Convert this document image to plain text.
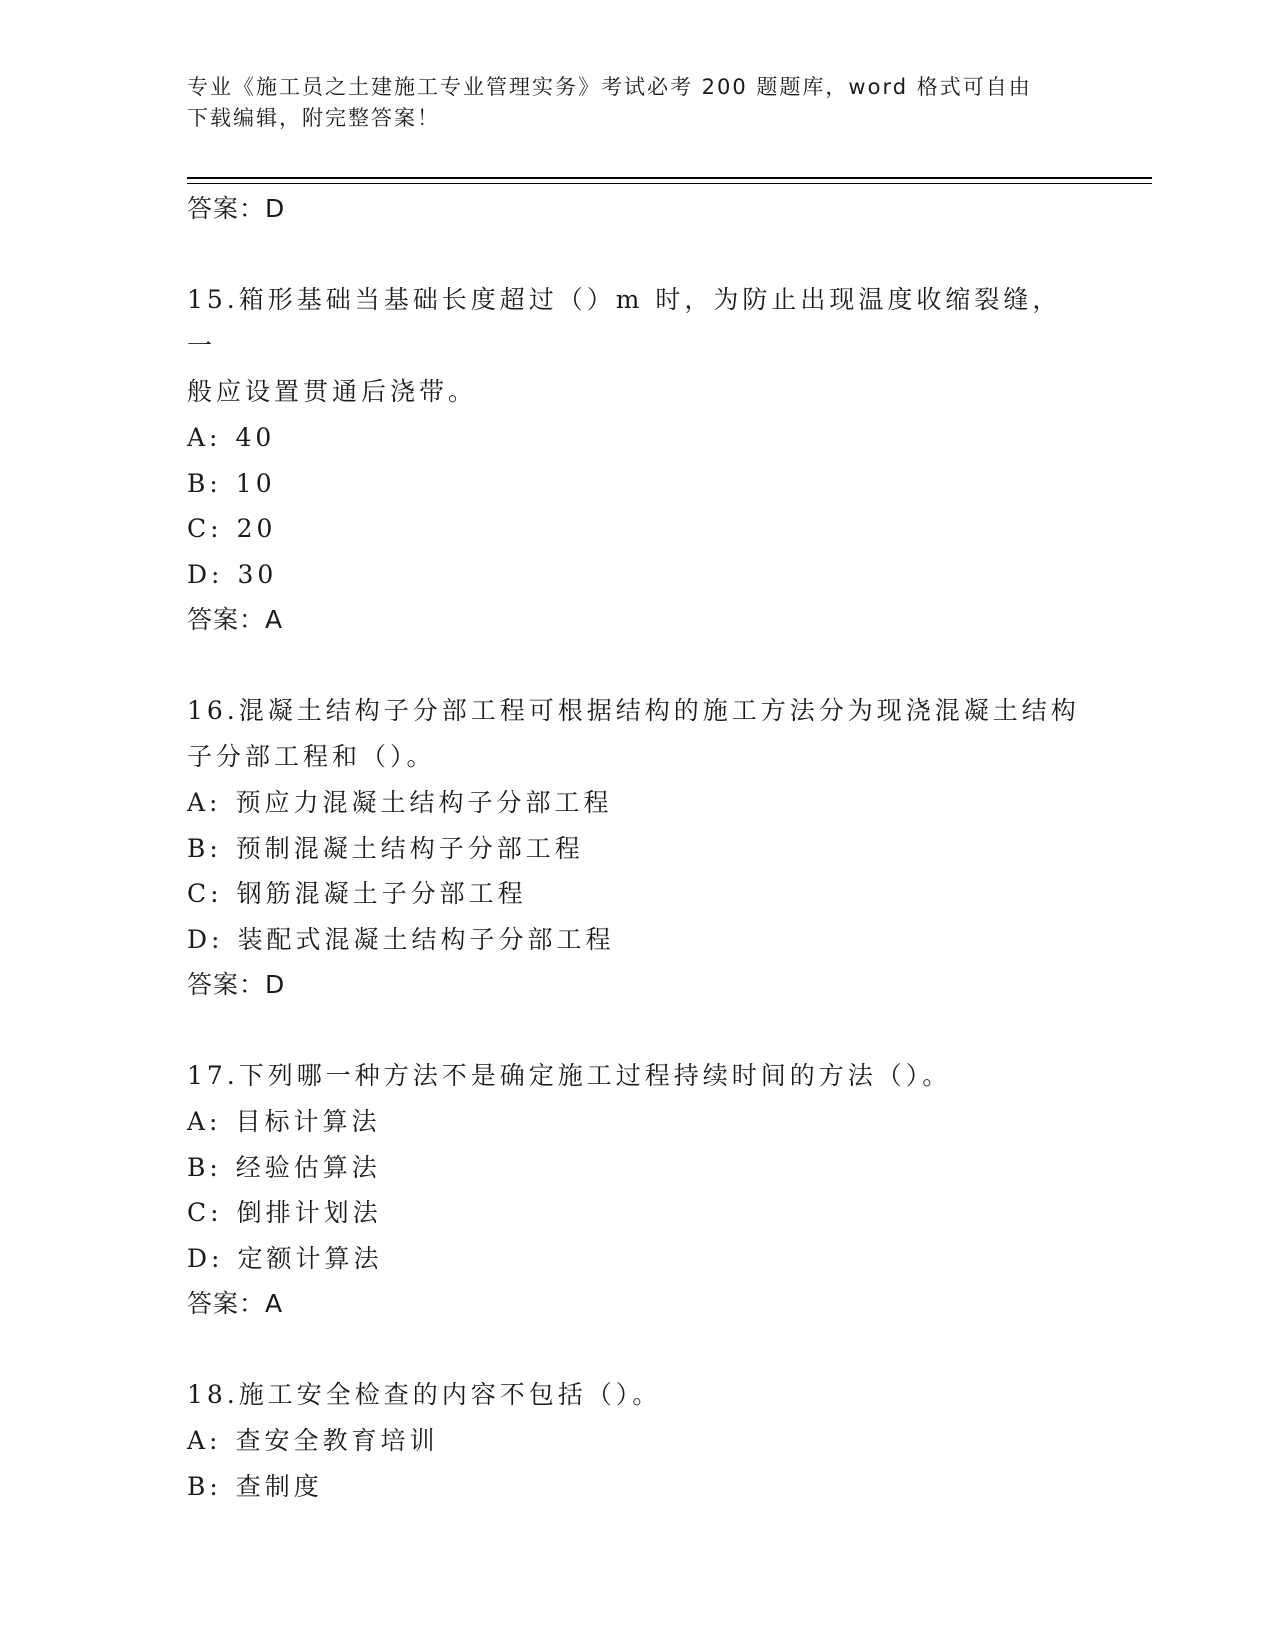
专业《施工员之土建施工专业管理实务》考试必考 200 题题库，word 格式可自由
下载编辑，附完整答案！
答案：D
15.箱形基础当基础长度超过（）m 时，为防止出现温度收缩裂缝，一
般应设置贯通后浇带。
A: 40
B: 10
C: 20
D: 30
答案：A
16.混凝土结构子分部工程可根据结构的施工方法分为现浇混凝土结构
子分部工程和（）。
A: 预应力混凝土结构子分部工程
B: 预制混凝土结构子分部工程
C: 钢筋混凝土子分部工程
D: 装配式混凝土结构子分部工程
答案：D
17.下列哪一种方法不是确定施工过程持续时间的方法（）。
A: 目标计算法
B: 经验估算法
C: 倒排计划法
D: 定额计算法
答案：A
18.施工安全检查的内容不包括（）。
A: 查安全教育培训
B: 查制度
